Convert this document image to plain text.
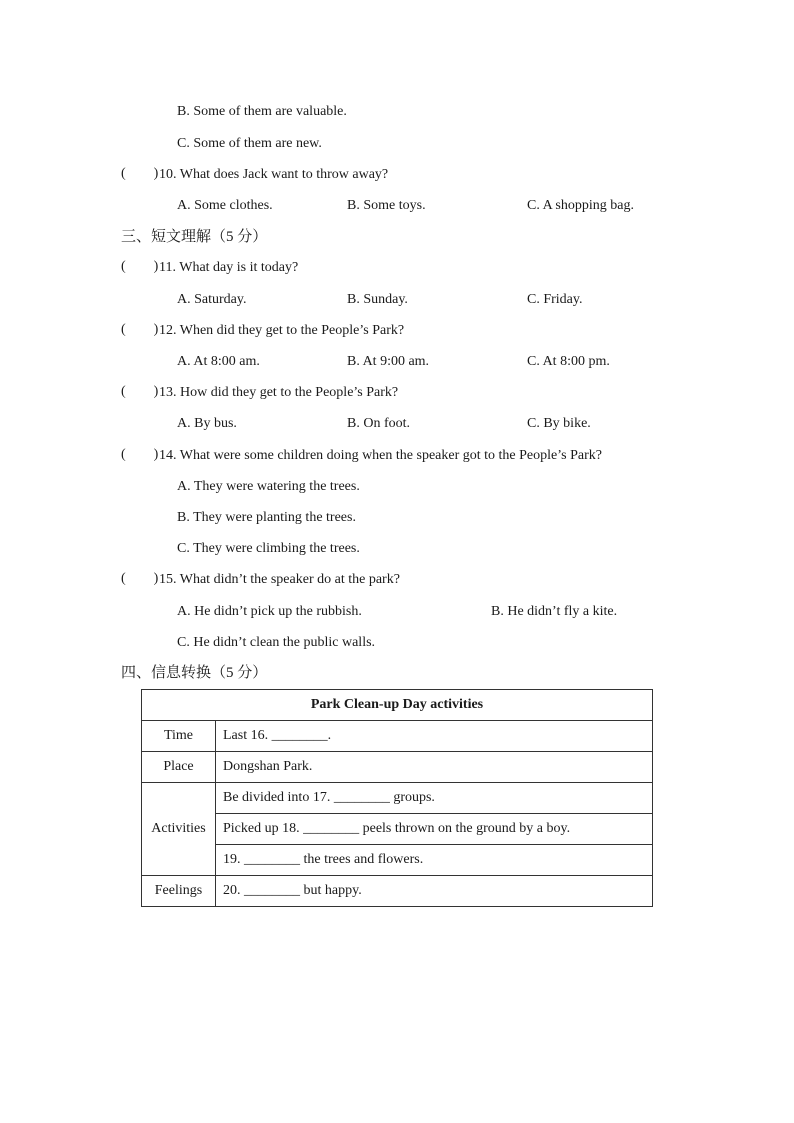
B. Some of them are valuable.
C. Some of them are new.
(        ) 10. What does Jack want to throw away?
A. Some clothes.	B. Some toys.	C. A shopping bag.
三、短文理解（5 分）
(        ) 11. What day is it today?
A. Saturday.	B. Sunday.	C. Friday.
(        ) 12. When did they get to the People’s Park?
A. At 8:00 am.	B. At 9:00 am.	C. At 8:00 pm.
(        ) 13. How did they get to the People’s Park?
A. By bus.	B. On foot.	C. By bike.
(        ) 14. What were some children doing when the speaker got to the People’s Park?
A. They were watering the trees.
B. They were planting the trees.
C. They were climbing the trees.
(        ) 15. What didn’t the speaker do at the park?
A. He didn’t pick up the rubbish.	B. He didn’t fly a kite.
C. He didn’t clean the public walls.
四、信息转换（5 分）
Park Clean-up Day activities	
Time	Last 16. ________.
Place	Dongshan Park.
Activities	Be divided into 17. ________ groups.
	Picked up 18. ________ peels thrown on the ground by a boy.
	19. ________ the trees and flowers.
Feelings	20. ________ but happy.
